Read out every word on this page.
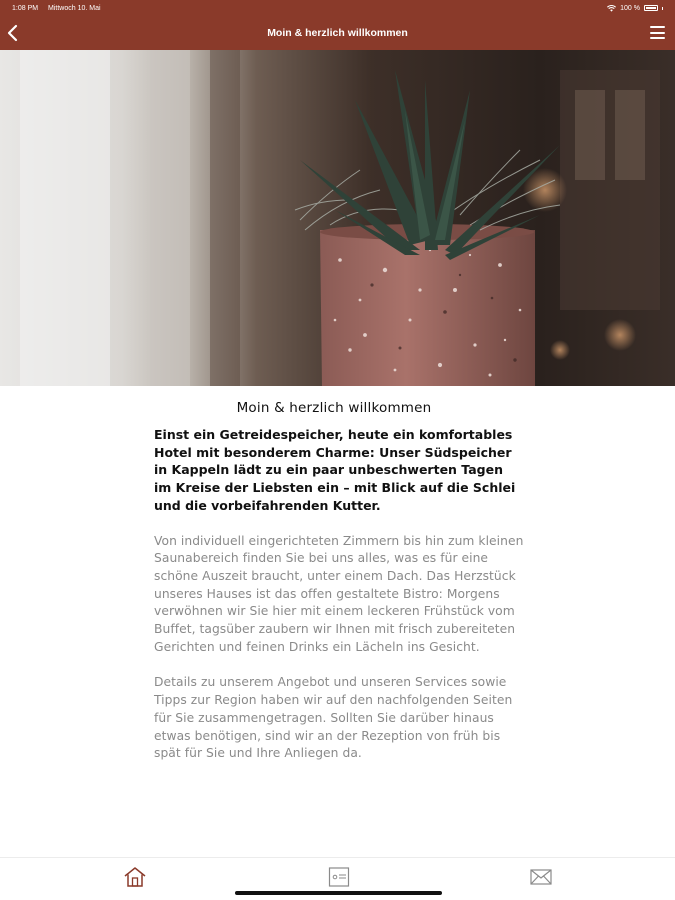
1:08 PM Mittwoch 10. Mai	100 %
Moin & herzlich willkommen
Moin & herzlich willkommen

Einst ein Getreidespeicher, heute ein komfortables Hotel mit besonderem Charme: Unser Südspeicher in Kappeln lädt zu ein paar unbeschwerten Tagen im Kreise der Liebsten ein – mit Blick auf die Schlei und die vorbeifahrenden Kutter.

Von individuell eingerichteten Zimmern bis hin zum kleinen Saunabereich finden Sie bei uns alles, was es für eine schöne Auszeit braucht, unter einem Dach. Das Herzstück unseres Hauses ist das offen gestaltete Bistro: Morgens verwöhnen wir Sie hier mit einem leckeren Frühstück vom Buffet, tagsüber zaubern wir Ihnen mit frisch zubereiteten Gerichten und feinen Drinks ein Lächeln ins Gesicht.

Details zu unserem Angebot und unseren Services sowie Tipps zur Region haben wir auf den nachfolgenden Seiten für Sie zusammengetragen. Sollten Sie darüber hinaus etwas benötigen, sind wir an der Rezeption von früh bis spät für Sie und Ihre Anliegen da.
